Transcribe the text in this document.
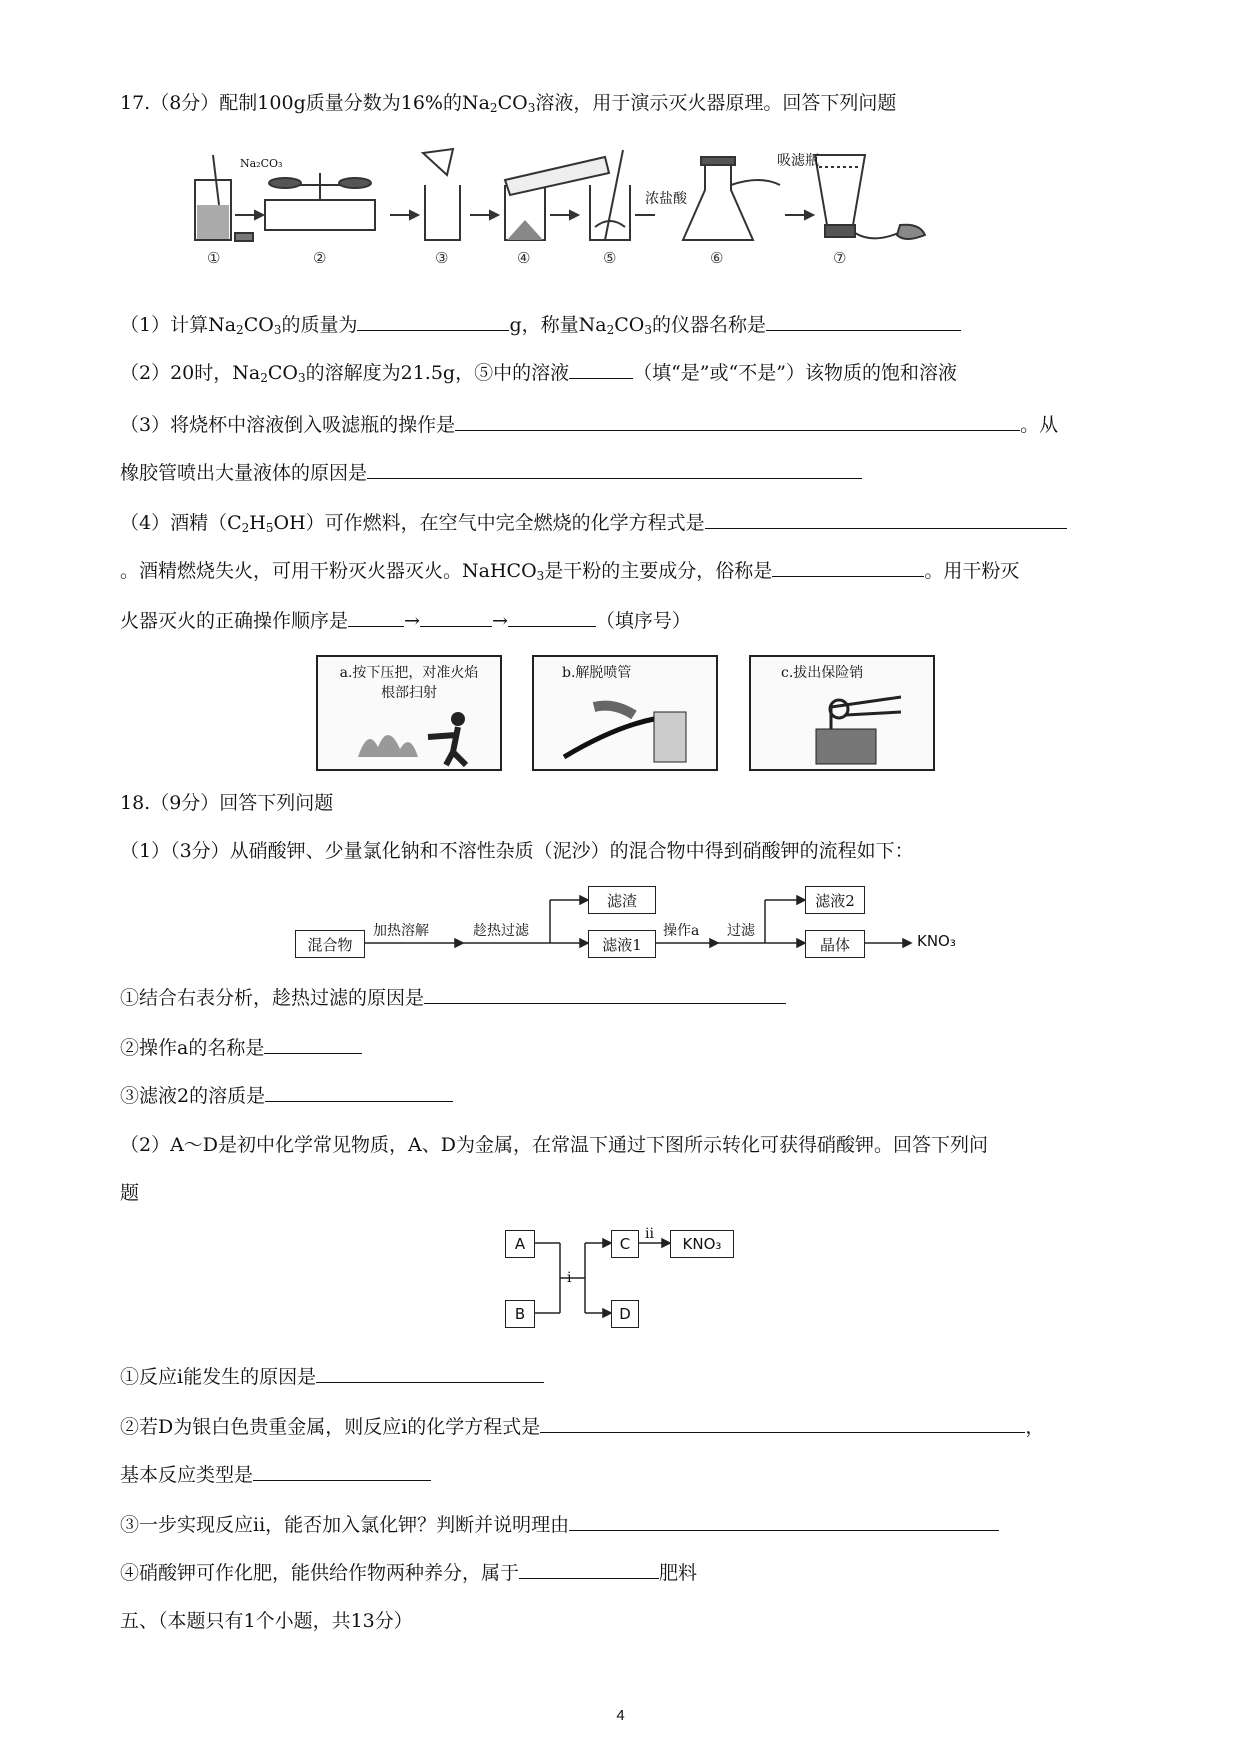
17.（8分）配制100g质量分数为16%的$Na_2CO_3$溶液，用于演示灭火器原理。回答下列问题
Na₂CO₃
浓盐酸
吸滤瓶
①	②	③	④	⑤	⑥	⑦
（1）计算$Na_2CO_3$的质量为	g，称量$Na_2CO_3$的仪器名称是
（2）20时，$Na_2CO_3$的溶解度为21.5g，⑤中的溶液	（填“是”或“不是”）该物质的饱和溶液
（3）将烧杯中溶液倒入吸滤瓶的操作是	。从
橡胶管喷出大量液体的原因是
（4）酒精$(C_2H_5OH)$可作燃料，在空气中完全燃烧的化学方程式是
。酒精燃烧失火，可用干粉灭火器灭火。NaHCO$_3$是干粉的主要成分，俗称是	。用干粉灭
火器灭火的正确操作顺序是	→	→	（填序号）
a.按下压把，对准火焰根部扫射
b.解脱喷管	c.拔出保险销
18.（9分）回答下列问题
（1）（3分）从硝酸钾、少量氯化钠和不溶性杂质（泥沙）的混合物中得到硝酸钾的流程如下：
混合物
加热溶解	趁热过滤
滤渣
滤液1
操作a 过滤
滤液2
晶体	KNO₃
①结合右表分析，趁热过滤的原因是
②操作a的名称是
③滤液2的溶质是
（2）A～D是初中化学常见物质，A、D为金属，在常温下通过下图所示转化可获得硝酸钾。回答下列问
题
A
B
C
D
KNO₃
i
ii
①反应ⅰ能发生的原因是
②若D为银白色贵重金属，则反应ⅰ的化学方程式是	，
基本反应类型是
③一步实现反应ii，能否加入氯化钾？判断并说明理由
④硝酸钾可作化肥，能供给作物两种养分，属于	肥料
五、（本题只有1个小题，共13分）
4
